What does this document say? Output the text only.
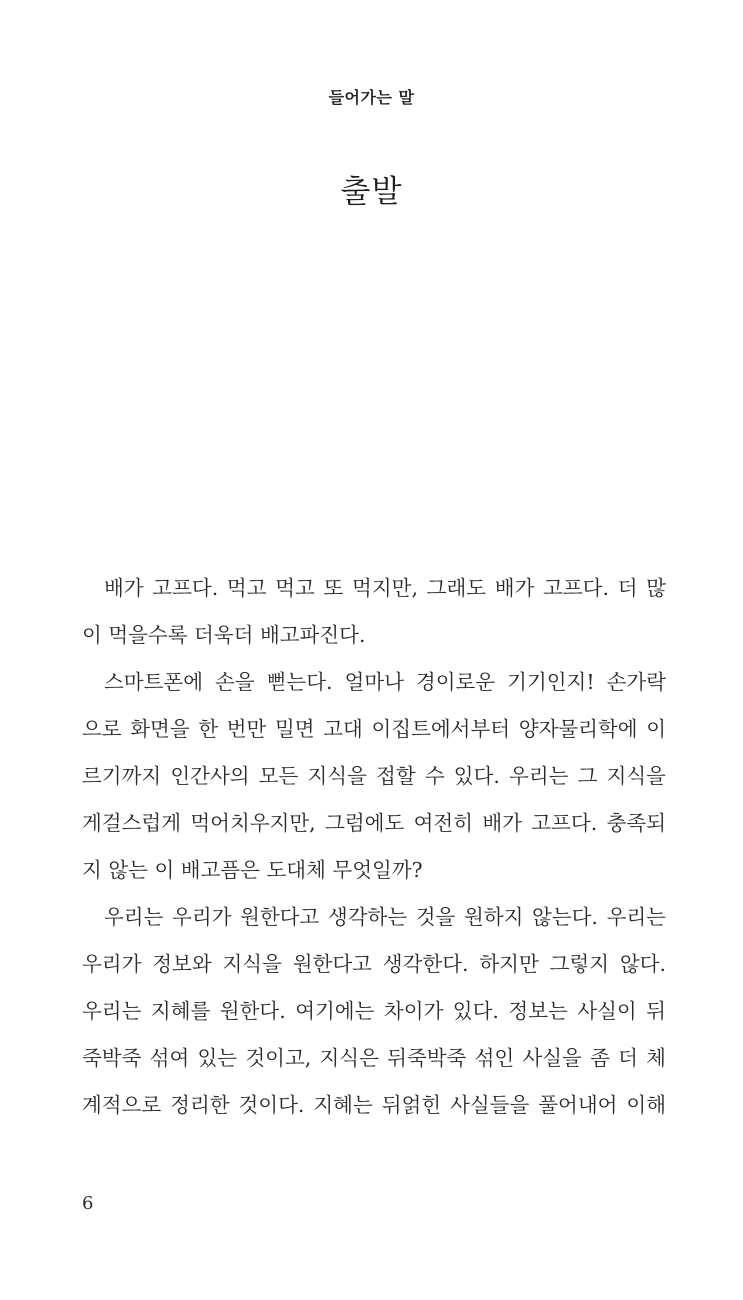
들어가는 말
출발
배가 고프다. 먹고 먹고 또 먹지만, 그래도 배가 고프다. 더 많
이 먹을수록 더욱더 배고파진다.
스마트폰에 손을 뻗는다. 얼마나 경이로운 기기인지! 손가락
으로 화면을 한 번만 밀면 고대 이집트에서부터 양자물리학에 이
르기까지 인간사의 모든 지식을 접할 수 있다. 우리는 그 지식을
게걸스럽게 먹어치우지만, 그럼에도 여전히 배가 고프다. 충족되
지 않는 이 배고픔은 도대체 무엇일까?
우리는 우리가 원한다고 생각하는 것을 원하지 않는다. 우리는
우리가 정보와 지식을 원한다고 생각한다. 하지만 그렇지 않다.
우리는 지혜를 원한다. 여기에는 차이가 있다. 정보는 사실이 뒤
죽박죽 섞여 있는 것이고, 지식은 뒤죽박죽 섞인 사실을 좀 더 체
계적으로 정리한 것이다. 지혜는 뒤얽힌 사실들을 풀어내어 이해
6
